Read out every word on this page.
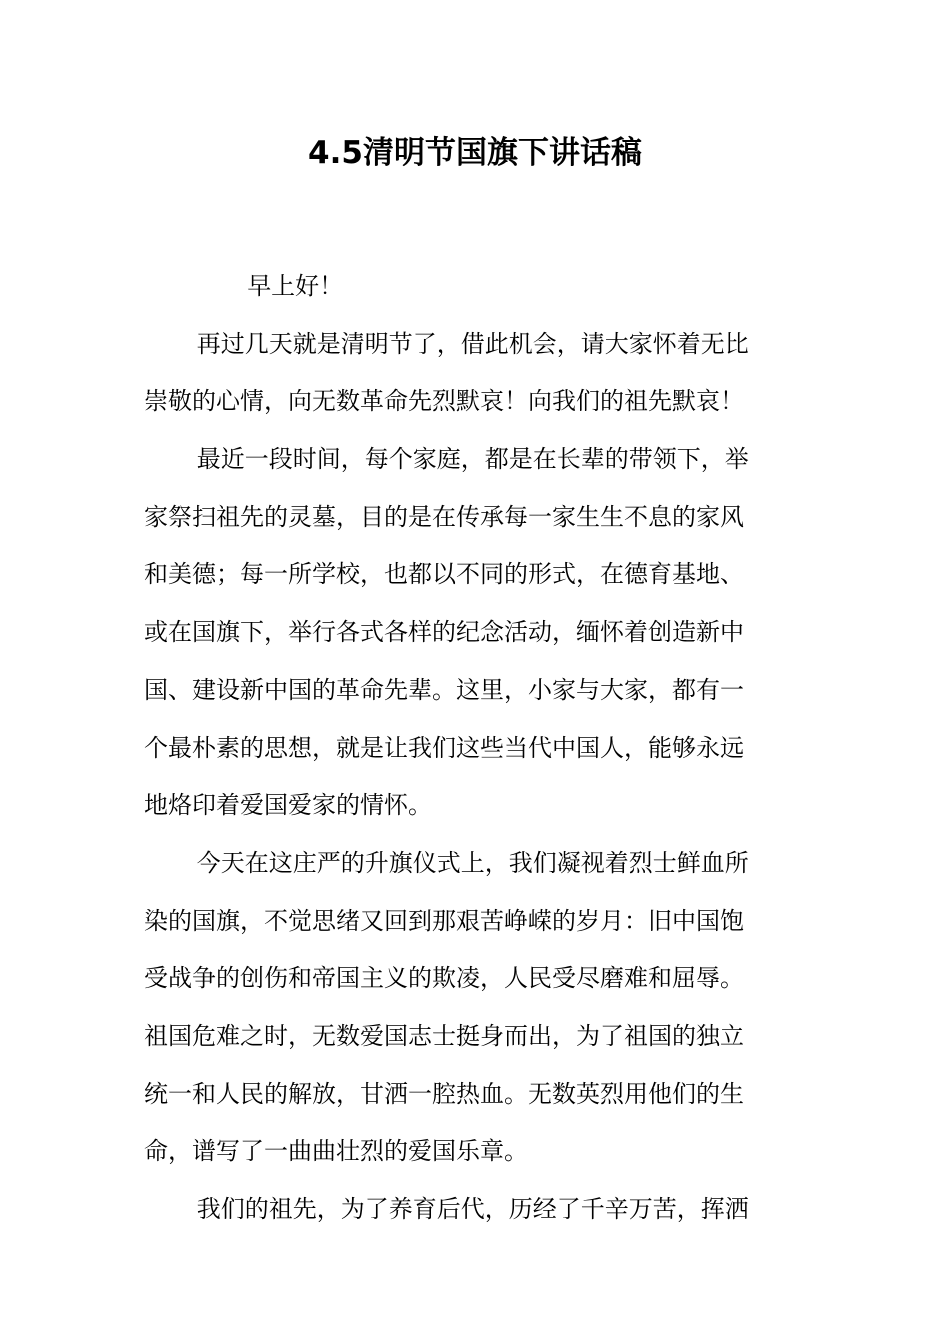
4.5清明节国旗下讲话稿

早上好！

再过几天就是清明节了，借此机会，请大家怀着无比
崇敬的心情，向无数革命先烈默哀！向我们的祖先默哀！

最近一段时间，每个家庭，都是在长辈的带领下，举
家祭扫祖先的灵墓，目的是在传承每一家生生不息的家风
和美德；每一所学校，也都以不同的形式，在德育基地、
或在国旗下，举行各式各样的纪念活动，缅怀着创造新中
国、建设新中国的革命先辈。这里，小家与大家，都有一
个最朴素的思想，就是让我们这些当代中国人，能够永远
地烙印着爱国爱家的情怀。

今天在这庄严的升旗仪式上，我们凝视着烈士鲜血所
染的国旗，不觉思绪又回到那艰苦峥嵘的岁月：旧中国饱
受战争的创伤和帝国主义的欺凌，人民受尽磨难和屈辱。
祖国危难之时，无数爱国志士挺身而出，为了祖国的独立
统一和人民的解放，甘洒一腔热血。无数英烈用他们的生
命，谱写了一曲曲壮烈的爱国乐章。

我们的祖先，为了养育后代，历经了千辛万苦，挥洒
